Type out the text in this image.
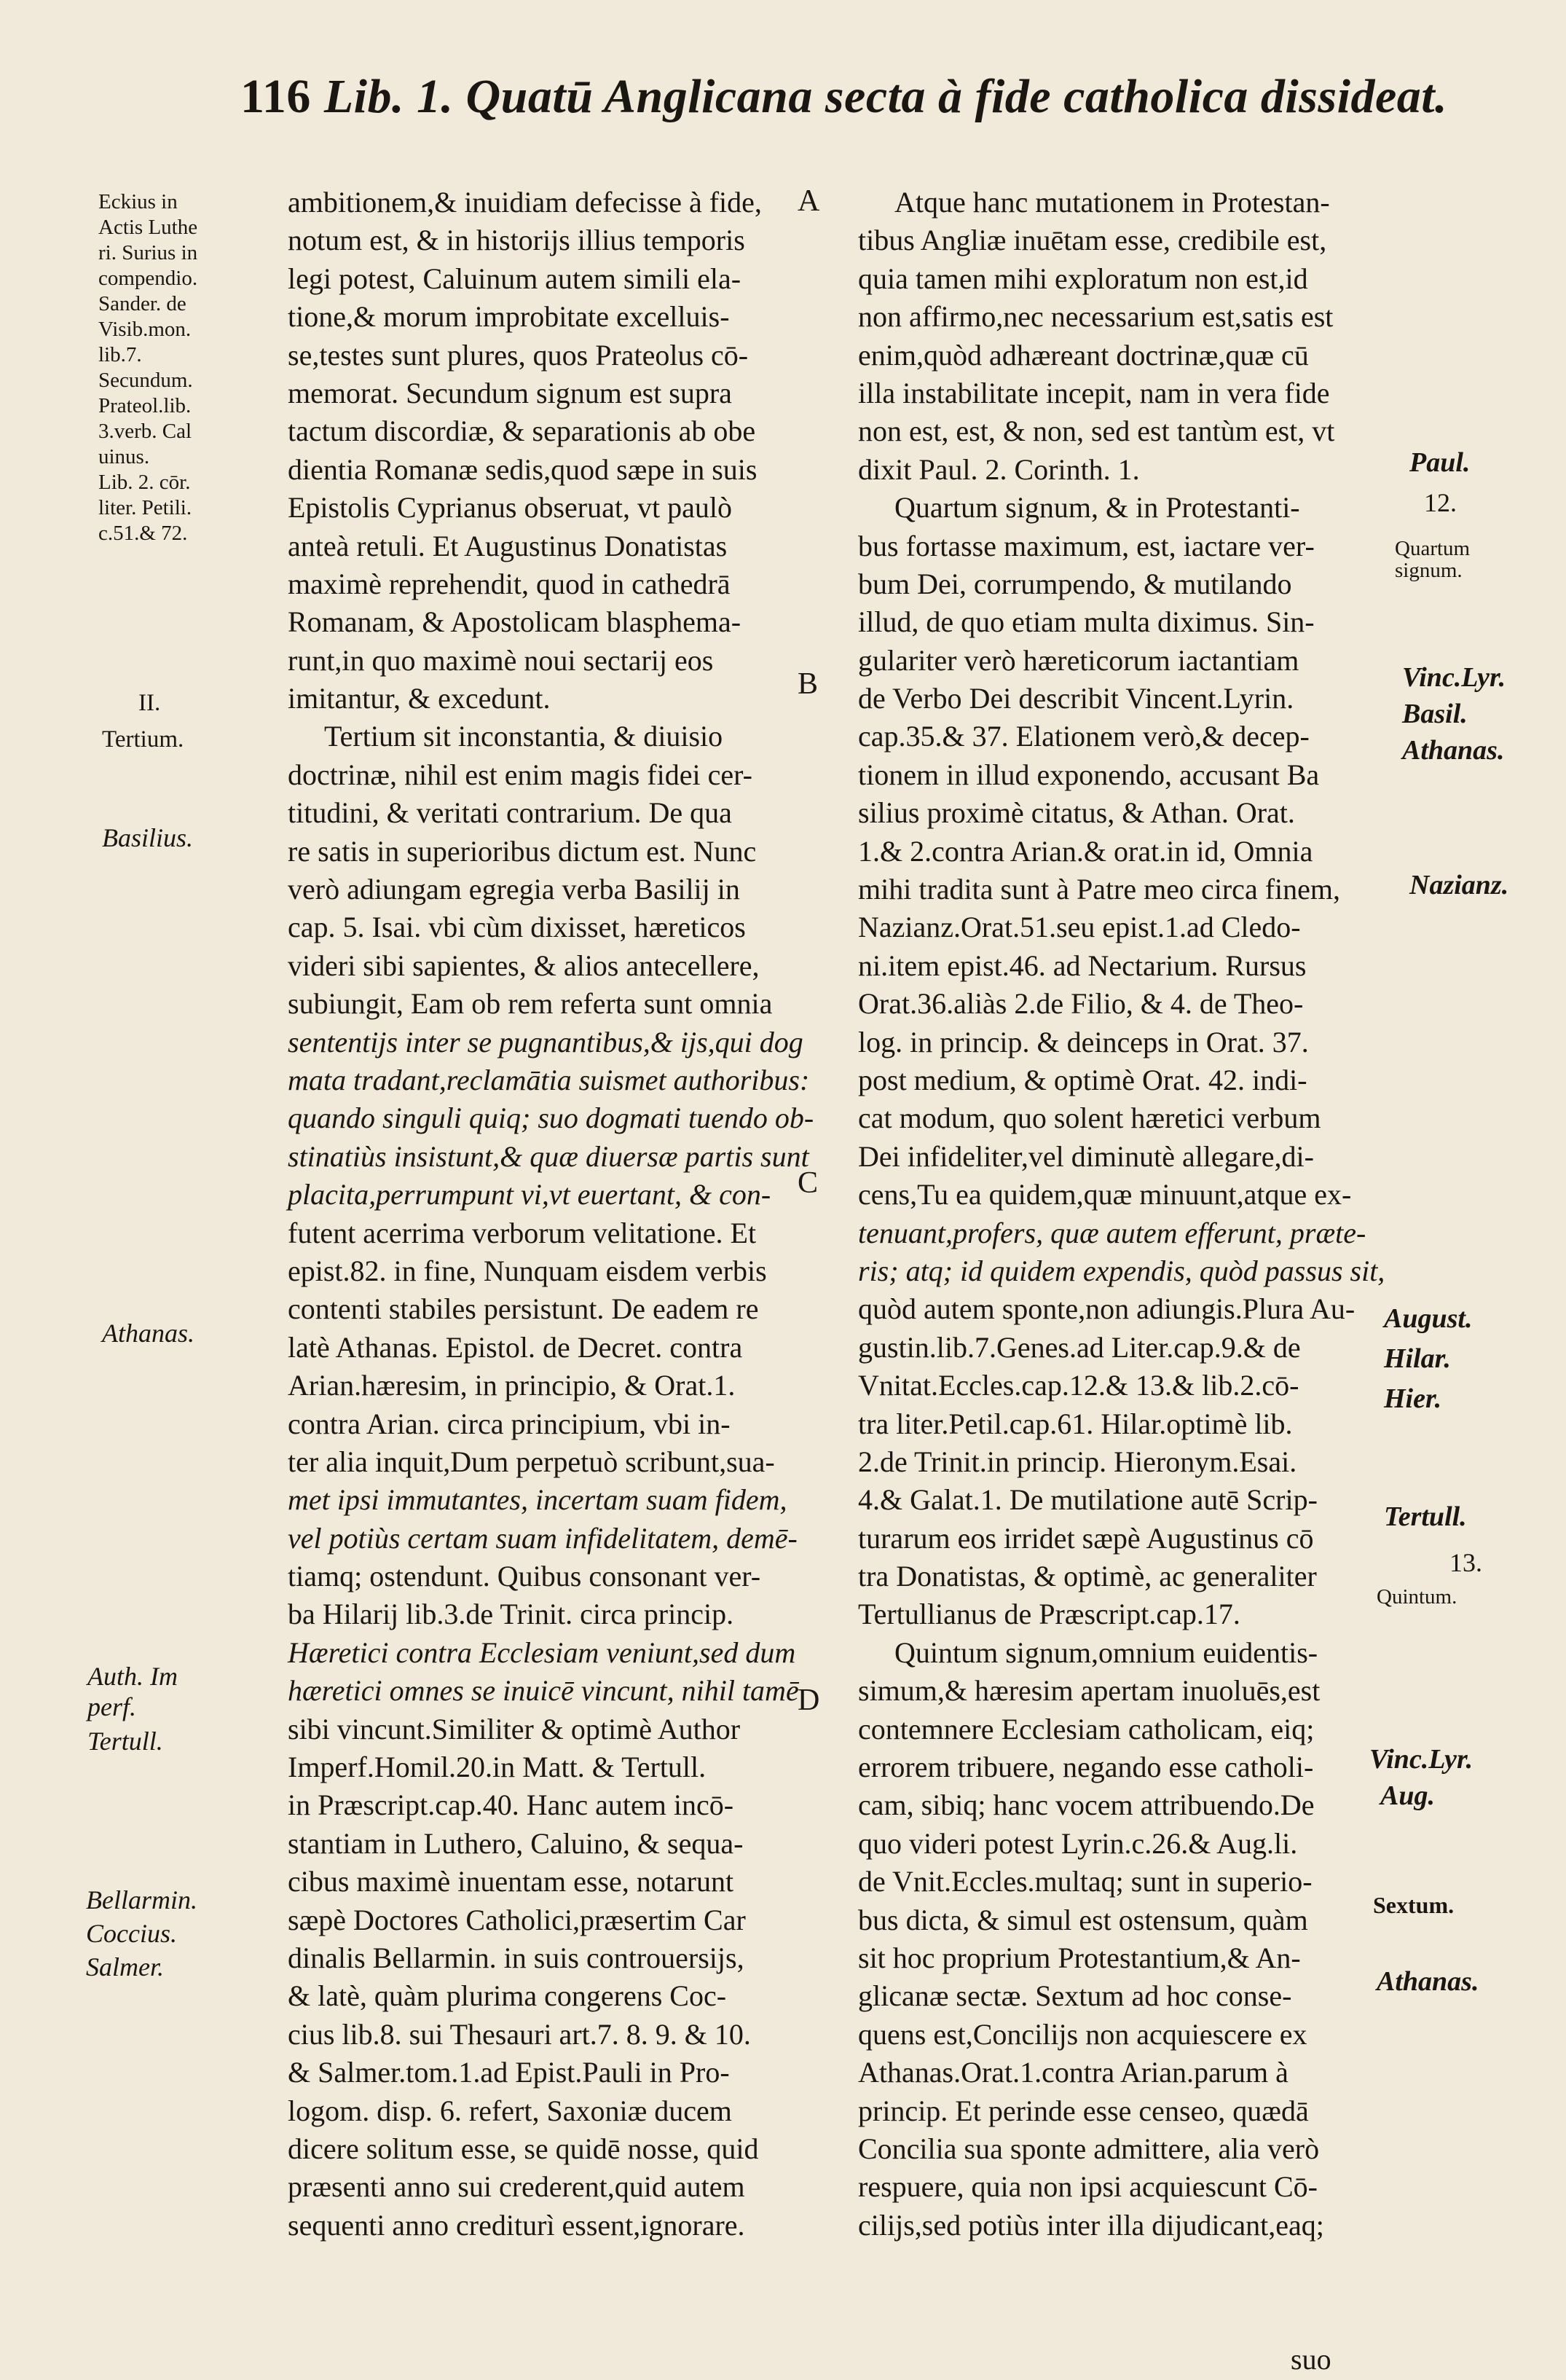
116 Lib. 1. Quatū Anglicana secta à fide catholica dissideat.
Eckius in
Actis Luthe
ri. Surius in
compendio.
Sander. de
Visib.mon.
lib.7.
Secundum.
Prateol.lib.
3.verb. Cal
uinus.
Lib. 2. cōr.
liter. Petili.
c.51.& 72.
II.
Tertium.
Basilius.
Athanas.
Auth. Im
perf.
Tertull.
Bellarmin.
Coccius.
Salmer.
A
B
C
D
ambitionem,& inuidiam defecisse à fide,
notum est, & in historijs illius temporis
legi potest, Caluinum autem simili ela-
tione,& morum improbitate excelluis-
se,testes sunt plures, quos Prateolus cō-
memorat. Secundum signum est supra
tactum discordiæ, & separationis ab obe
dientia Romanæ sedis,quod sæpe in suis
Epistolis Cyprianus obseruat, vt paulò
anteà retuli. Et Augustinus Donatistas
maximè reprehendit, quod in cathedrā
Romanam, & Apostolicam blasphema-
runt,in quo maximè noui sectarij eos
imitantur, & excedunt.
Tertium sit inconstantia, & diuisio
doctrinæ, nihil est enim magis fidei cer-
titudini, & veritati contrarium. De qua
re satis in superioribus dictum est. Nunc
verò adiungam egregia verba Basilij in
cap. 5. Isai. vbi cùm dixisset, hæreticos
videri sibi sapientes, & alios antecellere,
subiungit, Eam ob rem referta sunt omnia
sententijs inter se pugnantibus,& ijs,qui dog
mata tradant,reclamātia suismet authoribus:
quando singuli quiq; suo dogmati tuendo ob-
stinatiùs insistunt,& quæ diuersæ partis sunt
placita,perrumpunt vi,vt euertant, & con-
futent acerrima verborum velitatione. Et
epist.82. in fine, Nunquam eisdem verbis
contenti stabiles persistunt. De eadem re
latè Athanas. Epistol. de Decret. contra
Arian.hæresim, in principio, & Orat.1.
contra Arian. circa principium, vbi in-
ter alia inquit,Dum perpetuò scribunt,sua-
met ipsi immutantes, incertam suam fidem,
vel potiùs certam suam infidelitatem, demē-
tiamq; ostendunt. Quibus consonant ver-
ba Hilarij lib.3.de Trinit. circa princip.
Hæretici contra Ecclesiam veniunt,sed dum
hæretici omnes se inuicē vincunt, nihil tamē
sibi vincunt.Similiter & optimè Author
Imperf.Homil.20.in Matt. & Tertull.
in Præscript.cap.40. Hanc autem incō-
stantiam in Luthero, Caluino, & sequa-
cibus maximè inuentam esse, notarunt
sæpè Doctores Catholici,præsertim Car
dinalis Bellarmin. in suis controuersijs,
& latè, quàm plurima congerens Coc-
cius lib.8. sui Thesauri art.7. 8. 9. & 10.
& Salmer.tom.1.ad Epist.Pauli in Pro-
logom. disp. 6. refert, Saxoniæ ducem
dicere solitum esse, se quidē nosse, quid
præsenti anno sui crederent,quid autem
sequenti anno crediturì essent,ignorare.
Atque hanc mutationem in Protestan-
tibus Angliæ inuētam esse, credibile est,
quia tamen mihi exploratum non est,id
non affirmo,nec necessarium est,satis est
enim,quòd adhæreant doctrinæ,quæ cū
illa instabilitate incepit, nam in vera fide
non est, est, & non, sed est tantùm est, vt
dixit Paul. 2. Corinth. 1.
Quartum signum, & in Protestanti-
bus fortasse maximum, est, iactare ver-
bum Dei, corrumpendo, & mutilando
illud, de quo etiam multa diximus. Sin-
gulariter verò hæreticorum iactantiam
de Verbo Dei describit Vincent.Lyrin.
cap.35.& 37. Elationem verò,& decep-
tionem in illud exponendo, accusant Ba
silius proximè citatus, & Athan. Orat.
1.& 2.contra Arian.& orat.in id, Omnia
mihi tradita sunt à Patre meo circa finem,
Nazianz.Orat.51.seu epist.1.ad Cledo-
ni.item epist.46. ad Nectarium. Rursus
Orat.36.aliàs 2.de Filio, & 4. de Theo-
log. in princip. & deinceps in Orat. 37.
post medium, & optimè Orat. 42. indi-
cat modum, quo solent hæretici verbum
Dei infideliter,vel diminutè allegare,di-
cens,Tu ea quidem,quæ minuunt,atque ex-
tenuant,profers, quæ autem efferunt, præte-
ris; atq; id quidem expendis, quòd passus sit,
quòd autem sponte,non adiungis.Plura Au-
gustin.lib.7.Genes.ad Liter.cap.9.& de
Vnitat.Eccles.cap.12.& 13.& lib.2.cō-
tra liter.Petil.cap.61. Hilar.optimè lib.
2.de Trinit.in princip. Hieronym.Esai.
4.& Galat.1. De mutilatione autē Scrip-
turarum eos irridet sæpè Augustinus cō
tra Donatistas, & optimè, ac generaliter
Tertullianus de Præscript.cap.17.
Quintum signum,omnium euidentis-
simum,& hæresim apertam inuoluēs,est
contemnere Ecclesiam catholicam, eiq;
errorem tribuere, negando esse catholi-
cam, sibiq; hanc vocem attribuendo.De
quo videri potest Lyrin.c.26.& Aug.li.
de Vnit.Eccles.multaq; sunt in superio-
bus dicta, & simul est ostensum, quàm
sit hoc proprium Protestantium,& An-
glicanæ sectæ. Sextum ad hoc conse-
quens est,Concilijs non acquiescere ex
Athanas.Orat.1.contra Arian.parum à
princip. Et perinde esse censeo, quædā
Concilia sua sponte admittere, alia verò
respuere, quia non ipsi acquiescunt Cō-
cilijs,sed potiùs inter illa dijudicant,eaq;
Paul.
12.
Quartum
signum.
Vinc.Lyr.
Basil.
Athanas.
Nazianz.
August.
Hilar.
Hier.
Tertull.
13.
Quintum.
Vinc.Lyr.
Aug.
Sextum.
Athanas.
suo
